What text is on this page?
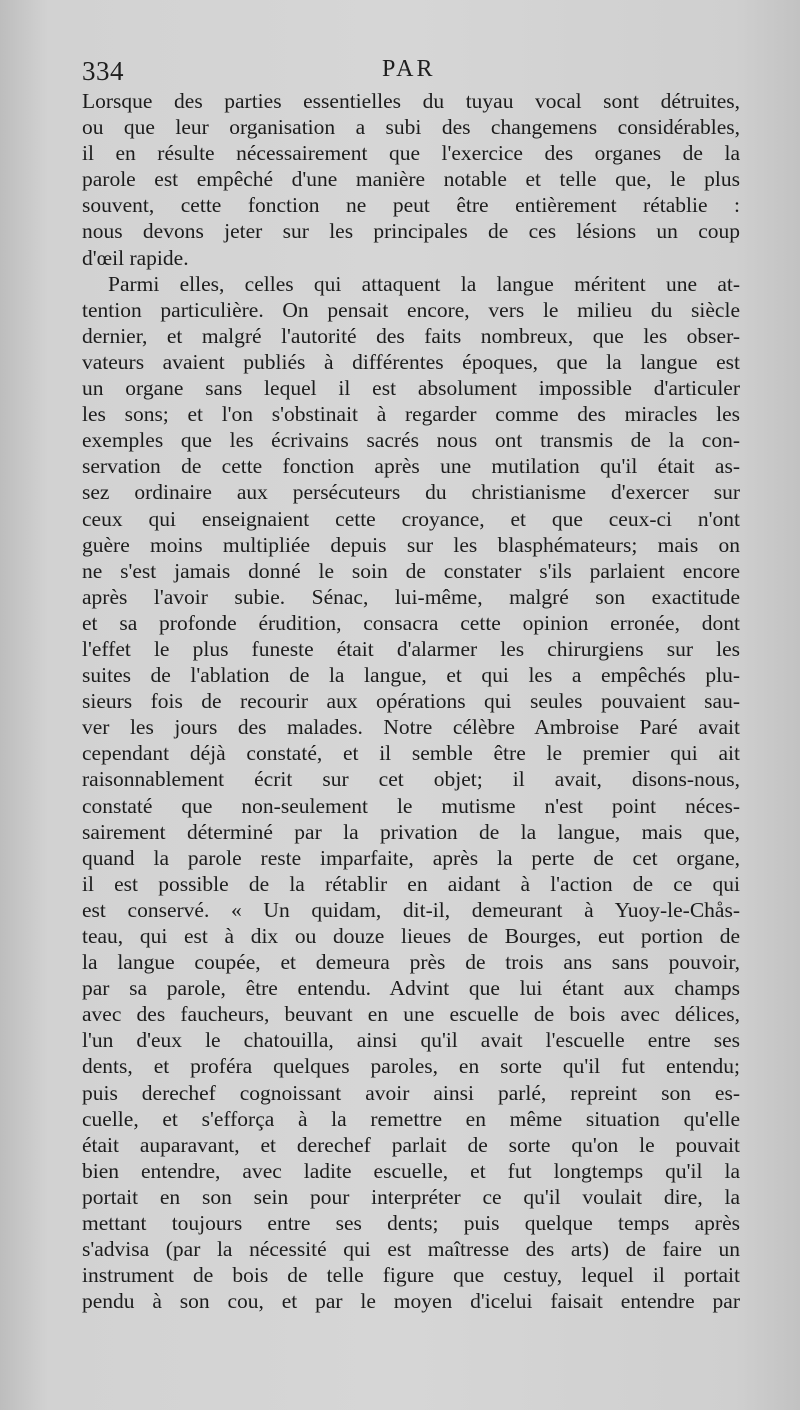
334	PAR

Lorsque des parties essentielles du tuyau vocal sont détruites,
ou que leur organisation a subi des changemens considérables,
il en résulte nécessairement que l'exercice des organes de la
parole est empêché d'une manière notable et telle que, le plus
souvent, cette fonction ne peut être entièrement rétablie :
nous devons jeter sur les principales de ces lésions un coup
d'œil rapide.

Parmi elles, celles qui attaquent la langue méritent une at-
tention particulière. On pensait encore, vers le milieu du siècle
dernier, et malgré l'autorité des faits nombreux, que les obser-
vateurs avaient publiés à différentes époques, que la langue est
un organe sans lequel il est absolument impossible d'articuler
les sons; et l'on s'obstinait à regarder comme des miracles les
exemples que les écrivains sacrés nous ont transmis de la con-
servation de cette fonction après une mutilation qu'il était as-
sez ordinaire aux persécuteurs du christianisme d'exercer sur
ceux qui enseignaient cette croyance, et que ceux-ci n'ont
guère moins multipliée depuis sur les blasphémateurs; mais on
ne s'est jamais donné le soin de constater s'ils parlaient encore
après l'avoir subie. Sénac, lui-même, malgré son exactitude
et sa profonde érudition, consacra cette opinion erronée, dont
l'effet le plus funeste était d'alarmer les chirurgiens sur les
suites de l'ablation de la langue, et qui les a empêchés plu-
sieurs fois de recourir aux opérations qui seules pouvaient sau-
ver les jours des malades. Notre célèbre Ambroise Paré avait
cependant déjà constaté, et il semble être le premier qui ait
raisonnablement écrit sur cet objet; il avait, disons-nous,
constaté que non-seulement le mutisme n'est point néces-
sairement déterminé par la privation de la langue, mais que,
quand la parole reste imparfaite, après la perte de cet organe,
il est possible de la rétablir en aidant à l'action de ce qui
est conservé. « Un quidam, dit-il, demeurant à Yuoy-le-Chås-
teau, qui est à dix ou douze lieues de Bourges, eut portion de
la langue coupée, et demeura près de trois ans sans pouvoir,
par sa parole, être entendu. Advint que lui étant aux champs
avec des faucheurs, beuvant en une escuelle de bois avec délices,
l'un d'eux le chatouilla, ainsi qu'il avait l'escuelle entre ses
dents, et proféra quelques paroles, en sorte qu'il fut entendu;
puis derechef cognoissant avoir ainsi parlé, repreint son es-
cuelle, et s'efforça à la remettre en même situation qu'elle
était auparavant, et derechef parlait de sorte qu'on le pouvait
bien entendre, avec ladite escuelle, et fut longtemps qu'il la
portait en son sein pour interpréter ce qu'il voulait dire, la
mettant toujours entre ses dents; puis quelque temps après
s'advisa (par la nécessité qui est maîtresse des arts) de faire un
instrument de bois de telle figure que cestuy, lequel il portait
pendu à son cou, et par le moyen d'icelui faisait entendre par
